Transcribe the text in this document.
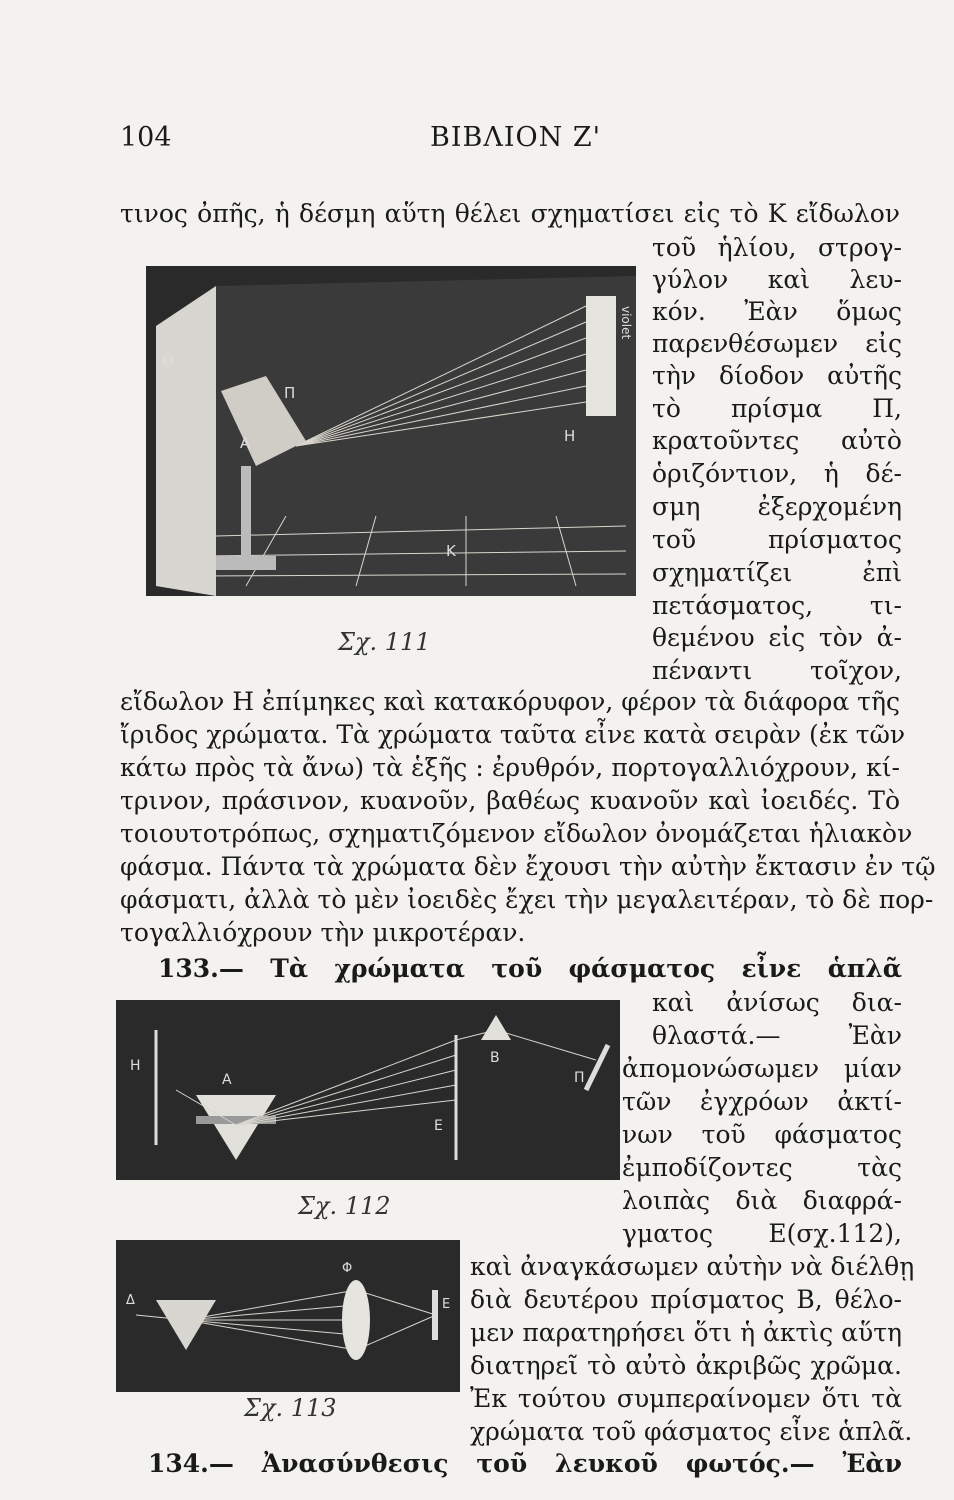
104	ΒΙΒΛΙΟΝ Ζ'
τινος ὀπῆς, ἡ δέσμη αὕτη θέλει σχηματίσει εἰς τὸ Κ εἴδωλον
τοῦ ἡλίου, στρογ-
γύλον καὶ λευ-
κόν. Ἐὰν ὅμως
παρενθέσωμεν εἰς
τὴν δίοδον αὐτῆς
τὸ πρίσμα Π,
κρατοῦντες αὐτὸ
ὁριζόντιον, ἡ δέ-
σμη ἐξερχομένη
τοῦ πρίσματος
σχηματίζει ἐπὶ
πετάσματος, τι-
θεμένου εἰς τὸν ἀ-
πέναντι τοῖχον,
Θ
Π
Α
Κ
Η
violet
Σχ. 111
εἴδωλον Η ἐπίμηκες καὶ κατακόρυφον, φέρον τὰ διάφορα τῆς
ἴριδος χρώματα. Τὰ χρώματα ταῦτα εἶνε κατὰ σειρὰν (ἐκ τῶν
κάτω πρὸς τὰ ἄνω) τὰ ἑξῆς : ἐρυθρόν, πορτογαλλιόχρουν, κί-
τρινον, πράσινον, κυανοῦν, βαθέως κυανοῦν καὶ ἰοειδές. Τὸ
τοιουτοτρόπως, σχηματιζόμενον εἴδωλον ὀνομάζεται ἡλιακὸν
φάσμα. Πάντα τὰ χρώματα δὲν ἔχουσι τὴν αὐτὴν ἔκτασιν ἐν τῷ
φάσματι, ἀλλὰ τὸ μὲν ἰοειδὲς ἔχει τὴν μεγαλειτέραν, τὸ δὲ πορ-
τογαλλιόχρουν τὴν μικροτέραν.
133.— Τὰ χρώματα τοῦ φάσματος εἶνε ἁπλᾶ
καὶ ἀνίσως δια-
θλαστά.— Ἐὰν
ἀπομονώσωμεν μίαν
τῶν ἐγχρόων ἀκτί-
νων τοῦ φάσματος
ἐμποδίζοντες τὰς
λοιπὰς διὰ διαφρά-
γματος Ε(σχ.112),
καὶ ἀναγκάσωμεν αὐτὴν νὰ διέλθῃ
διὰ δευτέρου πρίσματος Β, θέλο-
μεν παρατηρήσει ὅτι ἡ ἀκτὶς αὕτη
διατηρεῖ τὸ αὐτὸ ἀκριβῶς χρῶμα.
Ἐκ τούτου συμπεραίνομεν ὅτι τὰ
χρώματα τοῦ φάσματος εἶνε ἁπλᾶ.
Η
Α
Ε
Β
Π
Σχ. 112
Δ
Φ
Ε
Σχ. 113
134.— Ἀνασύνθεσις τοῦ λευκοῦ φωτός.— Ἐὰν
